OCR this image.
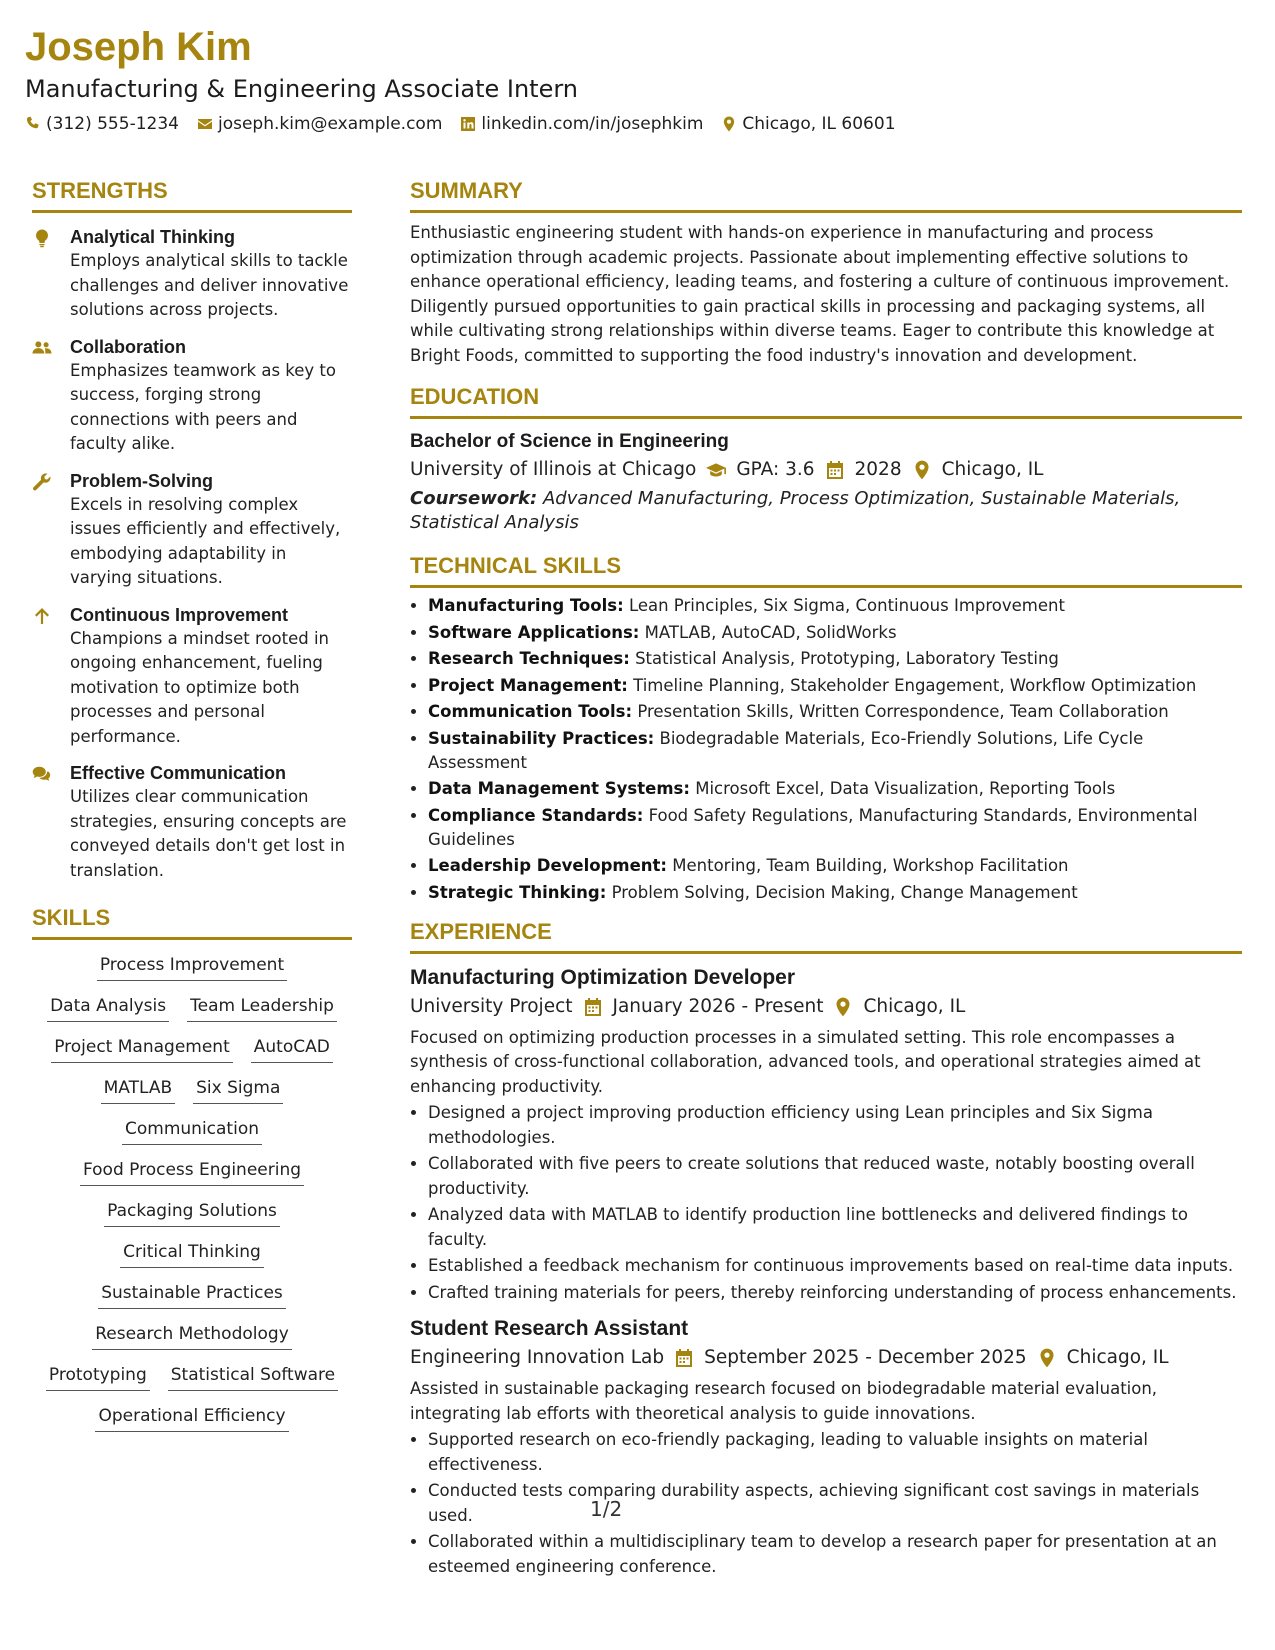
Joseph Kim
Manufacturing & Engineering Associate Intern
(312) 555-1234 joseph.kim@example.com linkedin.com/in/josephkim Chicago, IL 60601
STRENGTHS
Analytical Thinking

Employs analytical skills to tackle challenges and deliver innovative solutions across projects.

Collaboration

Emphasizes teamwork as key to success, forging strong connections with peers and faculty alike.

Problem-Solving

Excels in resolving complex issues efficiently and effectively, embodying adaptability in varying situations.

Continuous Improvement

Champions a mindset rooted in ongoing enhancement, fueling motivation to optimize both processes and personal performance.

Effective Communication

Utilizes clear communication strategies, ensuring concepts are conveyed details don't get lost in translation.

SKILLS
Process Improvement
Data Analysis Team Leadership
Project Management AutoCAD
MATLAB Six Sigma
Communication
Food Process Engineering
Packaging Solutions
Critical Thinking
Sustainable Practices
Research Methodology
Prototyping Statistical Software
Operational Efficiency
SUMMARY

Enthusiastic engineering student with hands-on experience in manufacturing and process optimization through academic projects. Passionate about implementing effective solutions to enhance operational efficiency, leading teams, and fostering a culture of continuous improvement. Diligently pursued opportunities to gain practical skills in processing and packaging systems, all while cultivating strong relationships within diverse teams. Eager to contribute this knowledge at Bright Foods, committed to supporting the food industry's innovation and development.

EDUCATION
Bachelor of Science in Engineering
University of Illinois at Chicago GPA: 3.6 2028 Chicago, IL
Coursework: Advanced Manufacturing, Process Optimization, Sustainable Materials, Statistical Analysis
TECHNICAL SKILLS
• Manufacturing Tools: Lean Principles, Six Sigma, Continuous Improvement
• Software Applications: MATLAB, AutoCAD, SolidWorks
• Research Techniques: Statistical Analysis, Prototyping, Laboratory Testing
• Project Management: Timeline Planning, Stakeholder Engagement, Workflow Optimization
• Communication Tools: Presentation Skills, Written Correspondence, Team Collaboration
• Sustainability Practices: Biodegradable Materials, Eco-Friendly Solutions, Life Cycle Assessment
• Data Management Systems: Microsoft Excel, Data Visualization, Reporting Tools
• Compliance Standards: Food Safety Regulations, Manufacturing Standards, Environmental Guidelines
• Leadership Development: Mentoring, Team Building, Workshop Facilitation
• Strategic Thinking: Problem Solving, Decision Making, Change Management
EXPERIENCE
Manufacturing Optimization Developer
University Project January 2026 - Present Chicago, IL

Focused on optimizing production processes in a simulated setting. This role encompasses a synthesis of cross-functional collaboration, advanced tools, and operational strategies aimed at enhancing productivity.

• Designed a project improving production efficiency using Lean principles and Six Sigma methodologies.
• Collaborated with five peers to create solutions that reduced waste, notably boosting overall productivity.
• Analyzed data with MATLAB to identify production line bottlenecks and delivered findings to faculty.
• Established a feedback mechanism for continuous improvements based on real-time data inputs.
• Crafted training materials for peers, thereby reinforcing understanding of process enhancements.
Student Research Assistant
Engineering Innovation Lab September 2025 - December 2025 Chicago, IL

Assisted in sustainable packaging research focused on biodegradable material evaluation, integrating lab efforts with theoretical analysis to guide innovations.

• Supported research on eco-friendly packaging, leading to valuable insights on material effectiveness.
• Conducted tests comparing durability aspects, achieving significant cost savings in materials used.
• Collaborated within a multidisciplinary team to develop a research paper for presentation at an esteemed engineering conference.
1/2
